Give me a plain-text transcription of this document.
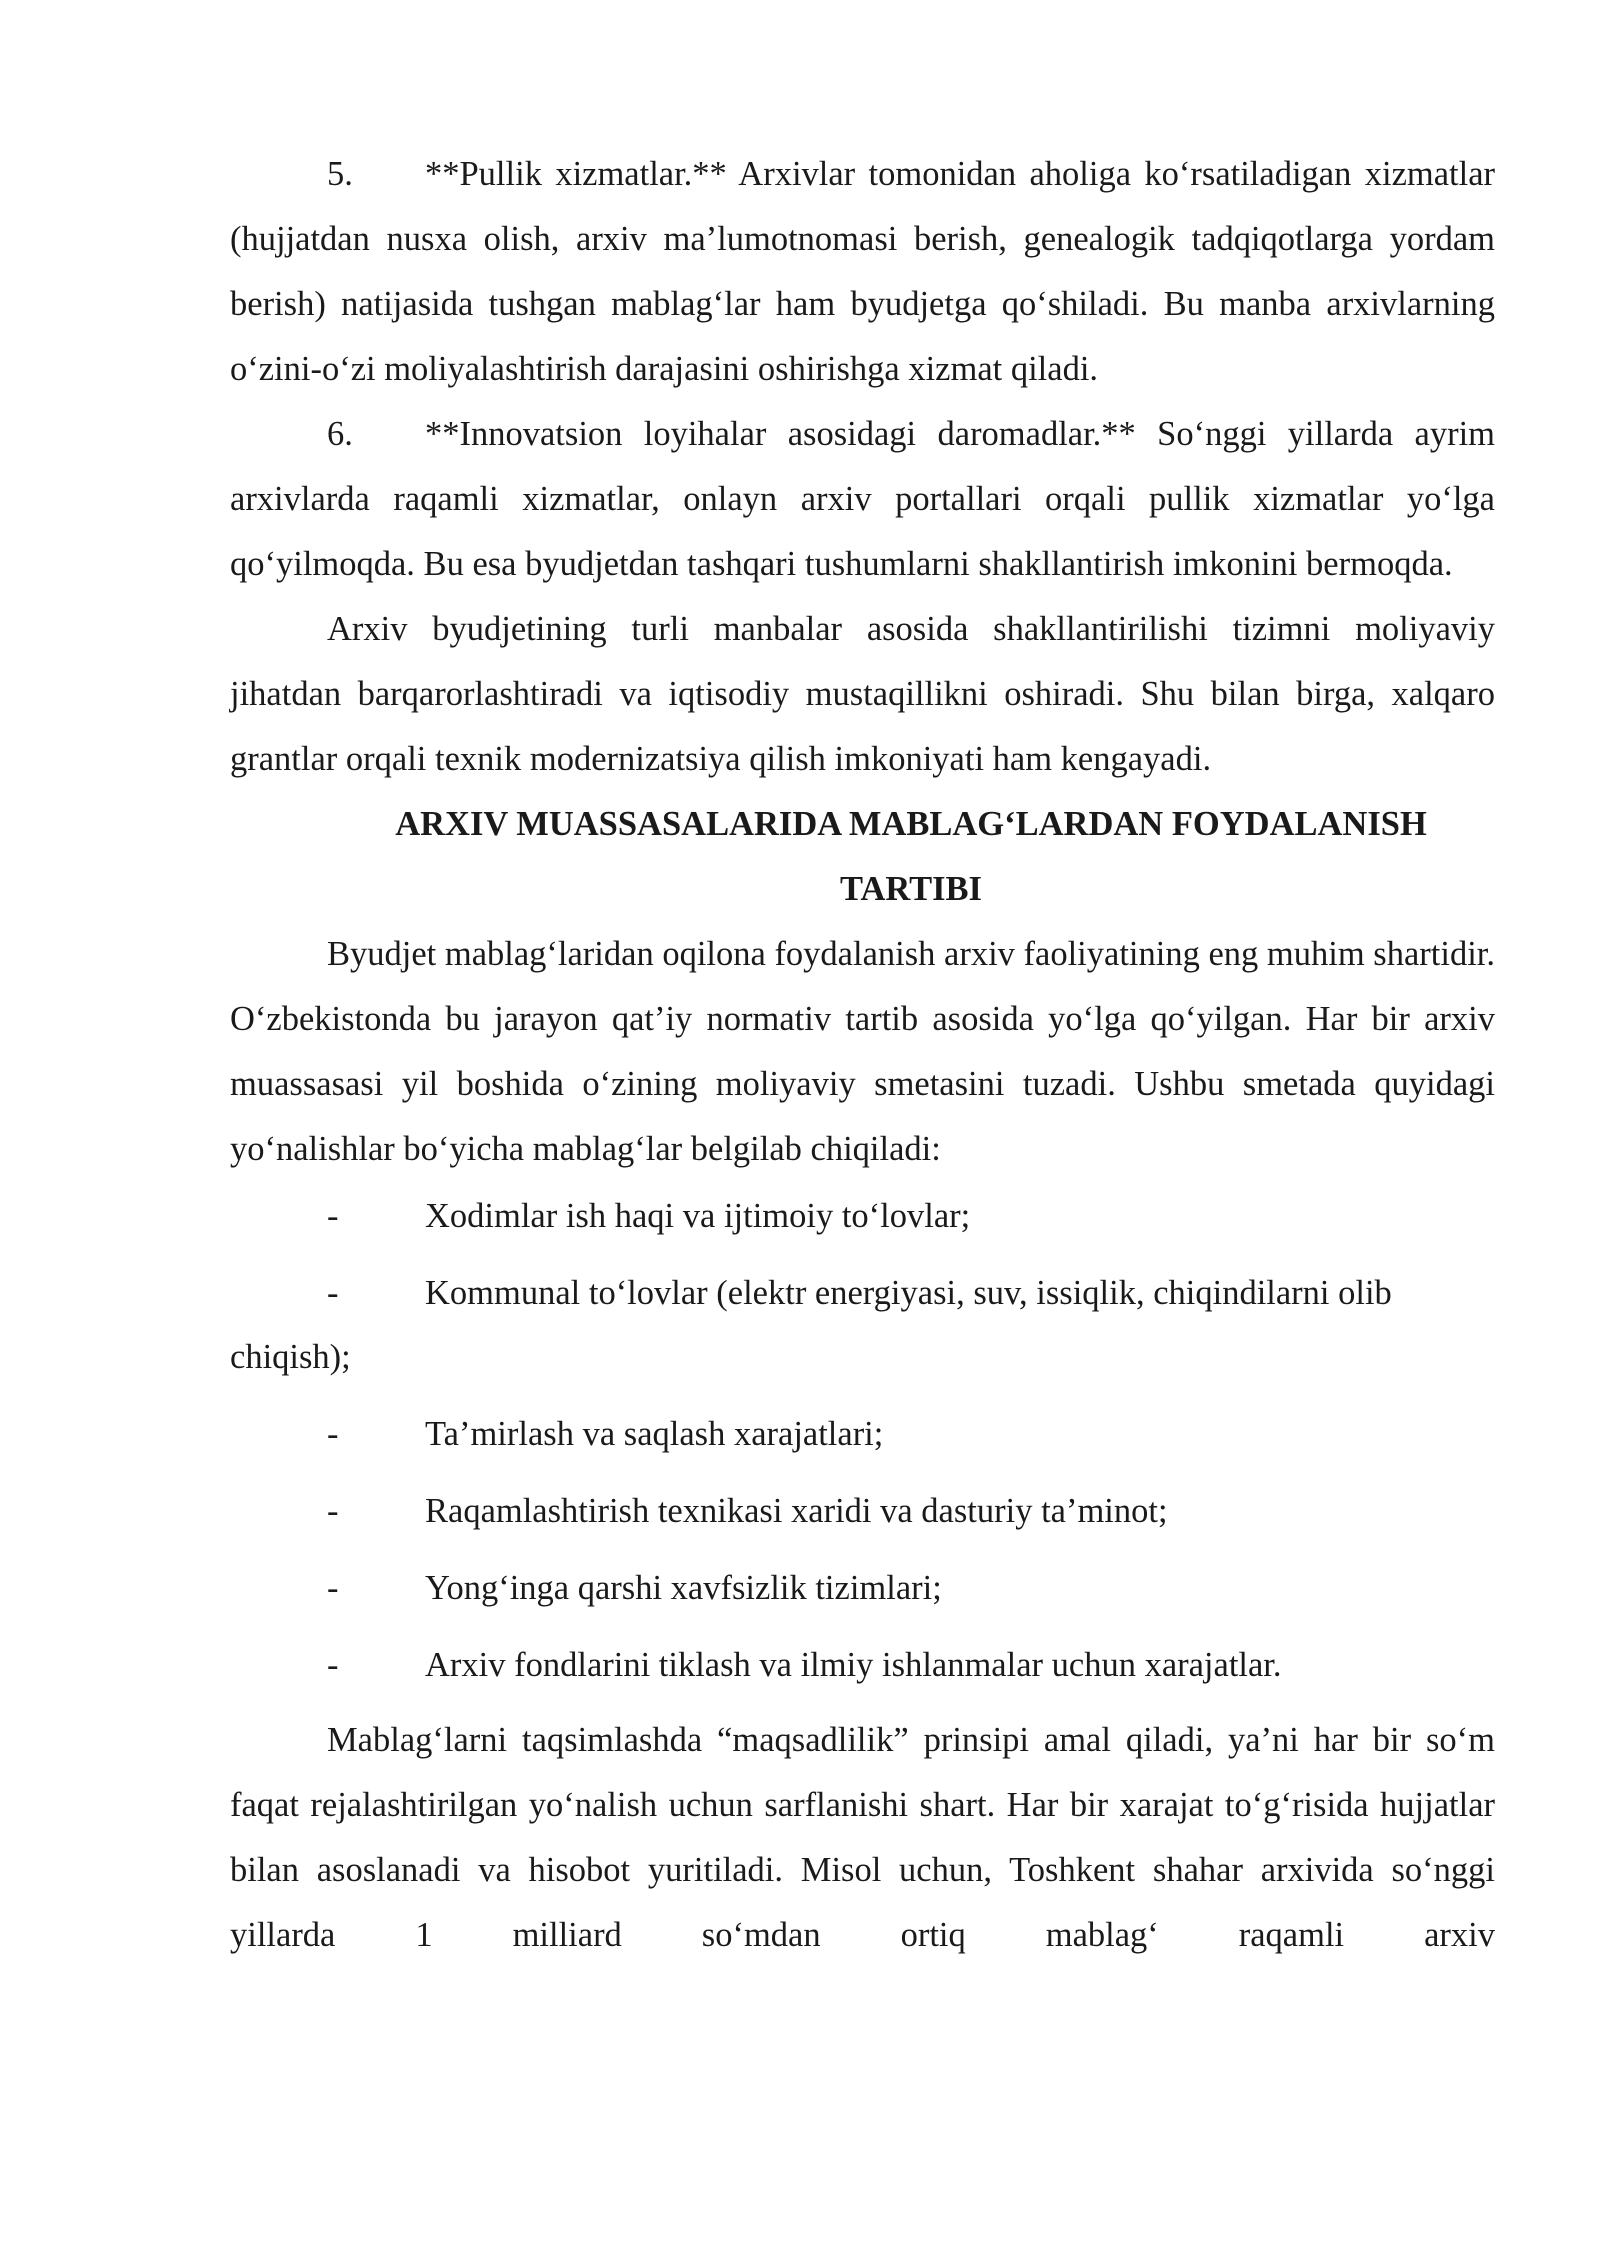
5. **Pullik xizmatlar.** Arxivlar tomonidan aholiga ko‘rsatiladigan xizmatlar (hujjatdan nusxa olish, arxiv ma’lumotnomasi berish, genealogik tadqiqotlarga yordam berish) natijasida tushgan mablag‘lar ham byudjetga qo‘shiladi. Bu manba arxivlarning o‘zini-o‘zi moliyalashtirish darajasini oshirishga xizmat qiladi.

6. **Innovatsion loyihalar asosidagi daromadlar.** So‘nggi yillarda ayrim arxivlarda raqamli xizmatlar, onlayn arxiv portallari orqali pullik xizmatlar yo‘lga qo‘yilmoqda. Bu esa byudjetdan tashqari tushumlarni shakllantirish imkonini bermoqda.

Arxiv byudjetining turli manbalar asosida shakllantirilishi tizimni moliyaviy jihatdan barqarorlashtiradi va iqtisodiy mustaqillikni oshiradi. Shu bilan birga, xalqaro grantlar orqali texnik modernizatsiya qilish imkoniyati ham kengayadi.

ARXIV MUASSASALARIDA MABLAG‘LARDAN FOYDALANISH
TARTIBI

Byudjet mablag‘laridan oqilona foydalanish arxiv faoliyatining eng muhim shartidir. O‘zbekistonda bu jarayon qat’iy normativ tartib asosida yo‘lga qo‘yilgan. Har bir arxiv muassasasi yil boshida o‘zining moliyaviy smetasini tuzadi. Ushbu smetada quyidagi yo‘nalishlar bo‘yicha mablag‘lar belgilab chiqiladi:

-	Xodimlar ish haqi va ijtimoiy to‘lovlar;

-	Kommunal to‘lovlar (elektr energiyasi, suv, issiqlik, chiqindilarni olib
chiqish);

-	Ta’mirlash va saqlash xarajatlari;

-	Raqamlashtirish texnikasi xaridi va dasturiy ta’minot;

-	Yong‘inga qarshi xavfsizlik tizimlari;

-	Arxiv fondlarini tiklash va ilmiy ishlanmalar uchun xarajatlar.

Mablag‘larni taqsimlashda “maqsadlilik” prinsipi amal qiladi, ya’ni har bir so‘m faqat rejalashtirilgan yo‘nalish uchun sarflanishi shart. Har bir xarajat to‘g‘risida hujjatlar bilan asoslanadi va hisobot yuritiladi. Misol uchun, Toshkent shahar arxivida so‘nggi yillarda 1 milliard so‘mdan ortiq mablag‘ raqamli arxiv
